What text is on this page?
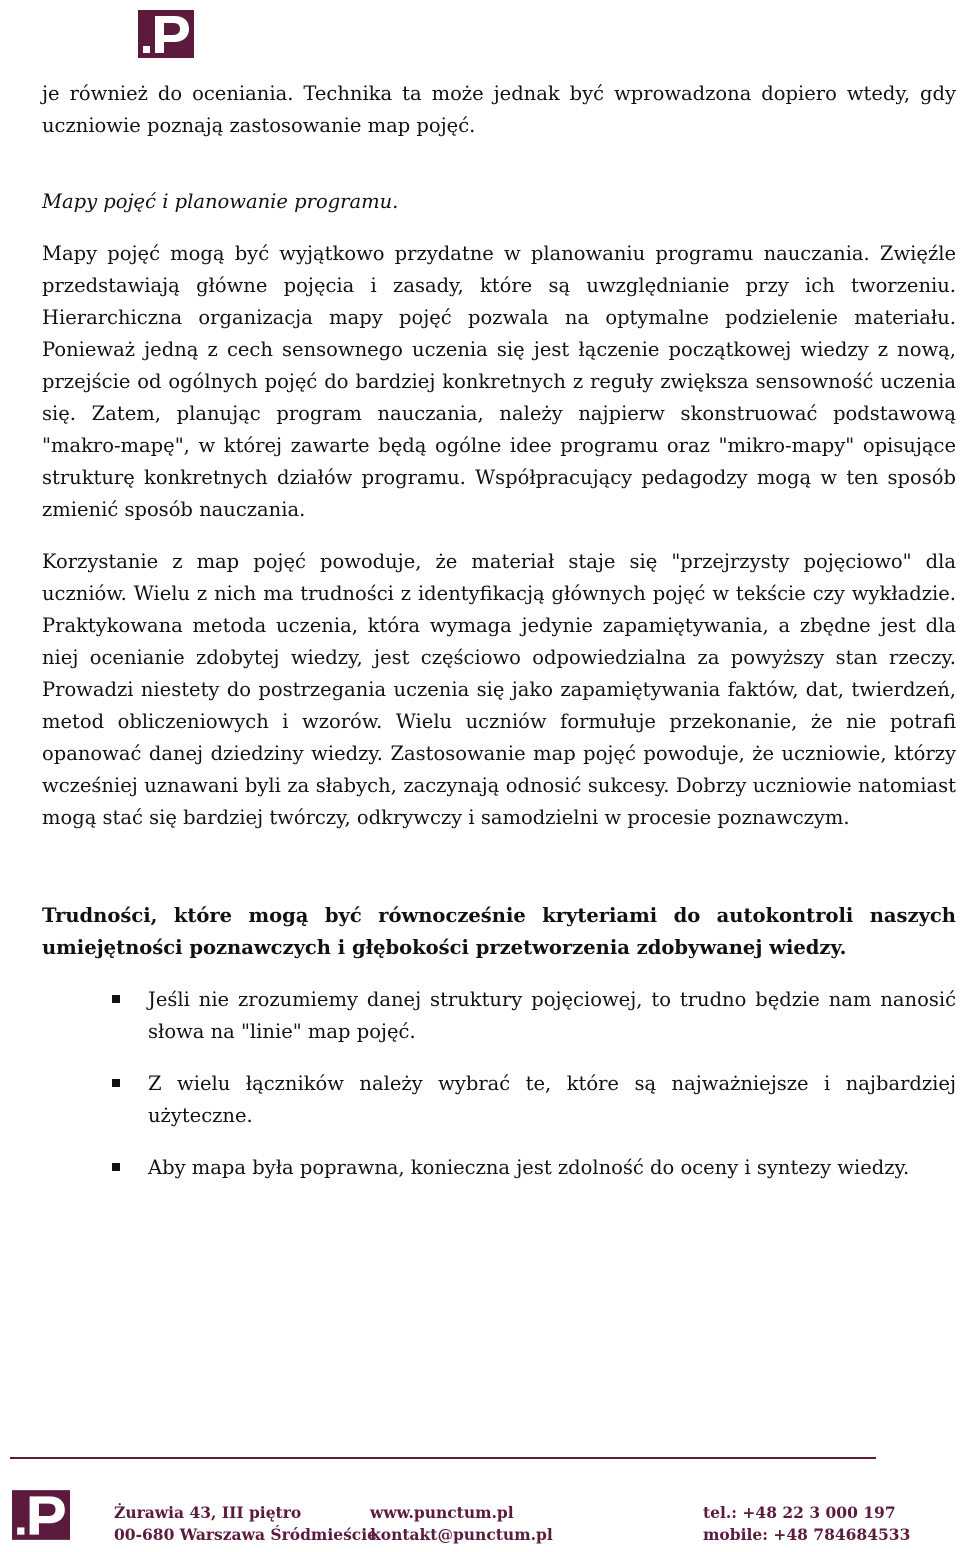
je również do oceniania. Technika ta może jednak być wprowadzona dopiero wtedy, gdy uczniowie poznają zastosowanie map pojęć.

Mapy pojęć i planowanie programu.

Mapy pojęć mogą być wyjątkowo przydatne w planowaniu programu nauczania. Zwięźle przedstawiają główne pojęcia i zasady, które są uwzględnianie przy ich tworzeniu. Hierarchiczna organizacja mapy pojęć pozwala na optymalne podzielenie materiału. Ponieważ jedną z cech sensownego uczenia się jest łączenie początkowej wiedzy z nową, przejście od ogólnych pojęć do bardziej konkretnych z reguły zwiększa sensowność uczenia się. Zatem, planując program nauczania, należy najpierw skonstruować podstawową "makro-mapę", w której zawarte będą ogólne idee programu oraz "mikro-mapy" opisujące strukturę konkretnych działów programu. Współpracujący pedagodzy mogą w ten sposób zmienić sposób nauczania.

Korzystanie z map pojęć powoduje, że materiał staje się "przejrzysty pojęciowo" dla uczniów. Wielu z nich ma trudności z identyfikacją głównych pojęć w tekście czy wykładzie. Praktykowana metoda uczenia, która wymaga jedynie zapamiętywania, a zbędne jest dla niej ocenianie zdobytej wiedzy, jest częściowo odpowiedzialna za powyższy stan rzeczy. Prowadzi niestety do postrzegania uczenia się jako zapamiętywania faktów, dat, twierdzeń, metod obliczeniowych i wzorów. Wielu uczniów formułuje przekonanie, że nie potrafi opanować danej dziedziny wiedzy. Zastosowanie map pojęć powoduje, że uczniowie, którzy wcześniej uznawani byli za słabych, zaczynają odnosić sukcesy. Dobrzy uczniowie natomiast mogą stać się bardziej twórczy, odkrywczy i samodzielni w procesie poznawczym.

Trudności, które mogą być równocześnie kryteriami do autokontroli naszych umiejętności poznawczych i głębokości przetworzenia zdobywanej wiedzy.

Jeśli nie zrozumiemy danej struktury pojęciowej, to trudno będzie nam nanosić słowa na "linie" map pojęć.
Z wielu łączników należy wybrać te, które są najważniejsze i najbardziej użyteczne.
Aby mapa była poprawna, konieczna jest zdolność do oceny i syntezy wiedzy.
Żurawia 43, III piętro
00-680 Warszawa Śródmieście
www.punctum.pl
kontakt@punctum.pl
tel.: +48 22 3 000 197
mobile: +48 784684533
